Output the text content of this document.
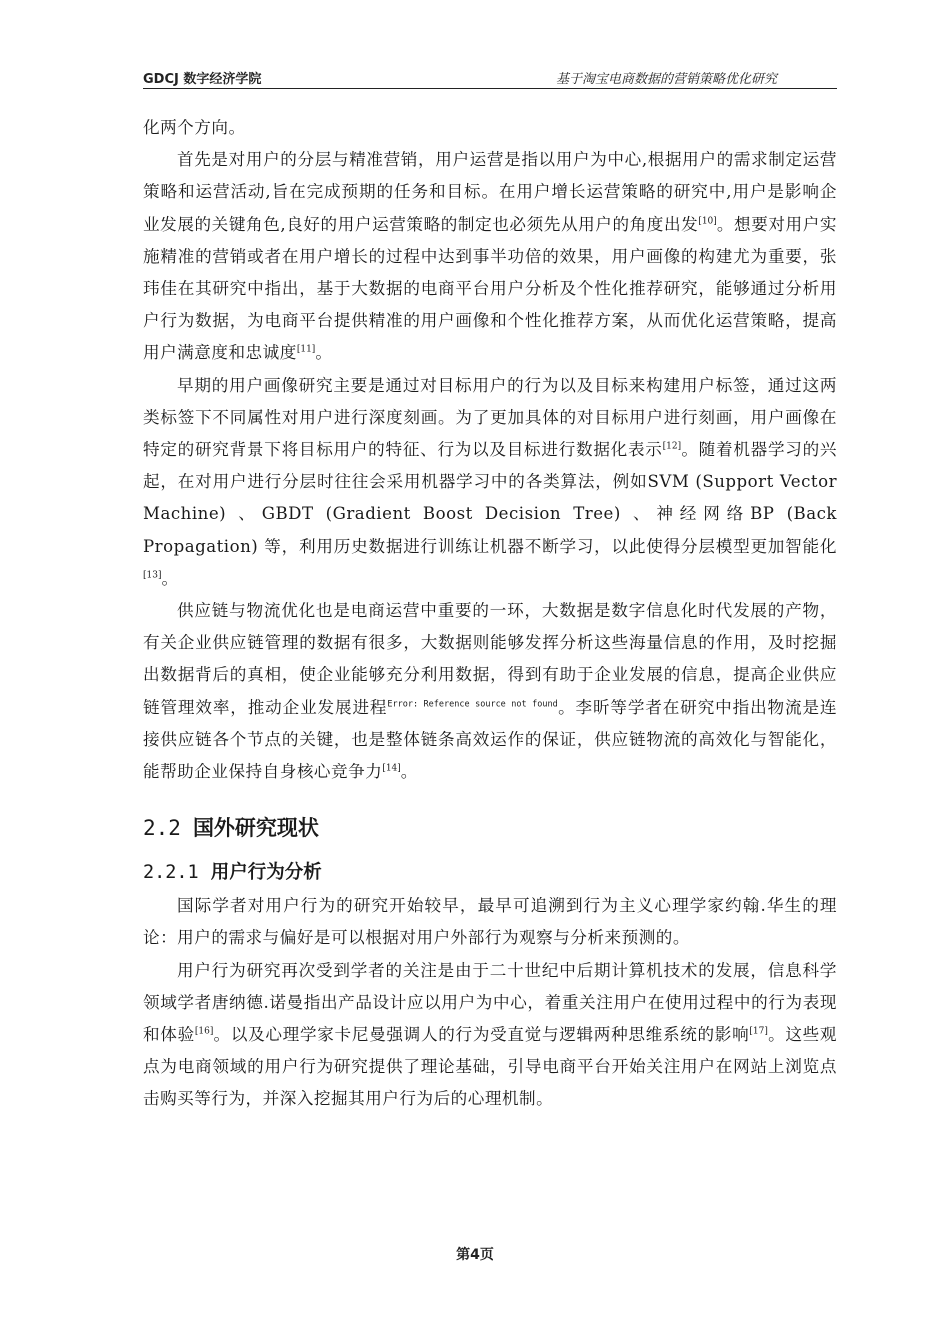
GDCJ 数字经济学院	基于淘宝电商数据的营销策略优化研究

化两个方向。

首先是对用户的分层与精准营销，用户运营是指以用户为中心,根据用户的需求制定运营策略和运营活动,旨在完成预期的任务和目标。在用户增长运营策略的研究中,用户是影响企业发展的关键角色,良好的用户运营策略的制定也必须先从用户的角度出发[10]。想要对用户实施精准的营销或者在用户增长的过程中达到事半功倍的效果，用户画像的构建尤为重要，张玮佳在其研究中指出，基于大数据的电商平台用户分析及个性化推荐研究，能够通过分析用户行为数据，为电商平台提供精准的用户画像和个性化推荐方案，从而优化运营策略，提高用户满意度和忠诚度[11]。

早期的用户画像研究主要是通过对目标用户的行为以及目标来构建用户标签，通过这两类标签下不同属性对用户进行深度刻画。为了更加具体的对目标用户进行刻画，用户画像在特定的研究背景下将目标用户的特征、行为以及目标进行数据化表示[12]。随着机器学习的兴起，在对用户进行分层时往往会采用机器学习中的各类算法，例如SVM (Support Vector Machine) 、GBDT (Gradient Boost Decision Tree) 、神经网络BP (Back Propagation) 等，利用历史数据进行训练让机器不断学习，以此使得分层模型更加智能化[13]。

供应链与物流优化也是电商运营中重要的一环，大数据是数字信息化时代发展的产物，有关企业供应链管理的数据有很多，大数据则能够发挥分析这些海量信息的作用，及时挖掘出数据背后的真相，使企业能够充分利用数据，得到有助于企业发展的信息，提高企业供应链管理效率，推动企业发展进程$^{Error: Reference source not found}$。李昕等学者在研究中指出物流是连接供应链各个节点的关键，也是整体链条高效运作的保证，供应链物流的高效化与智能化，能帮助企业保持自身核心竞争力[14]。

2.2 国外研究现状
2.2.1 用户行为分析

国际学者对用户行为的研究开始较早，最早可追溯到行为主义心理学家约翰.华生的理论：用户的需求与偏好是可以根据对用户外部行为观察与分析来预测的。

用户行为研究再次受到学者的关注是由于二十世纪中后期计算机技术的发展，信息科学领域学者唐纳德.诺曼指出产品设计应以用户为中心，着重关注用户在使用过程中的行为表现和体验[16]。以及心理学家卡尼曼强调人的行为受直觉与逻辑两种思维系统的影响[17]。这些观点为电商领域的用户行为研究提供了理论基础，引导电商平台开始关注用户在网站上浏览点击购买等行为，并深入挖掘其用户行为后的心理机制。

第4页
